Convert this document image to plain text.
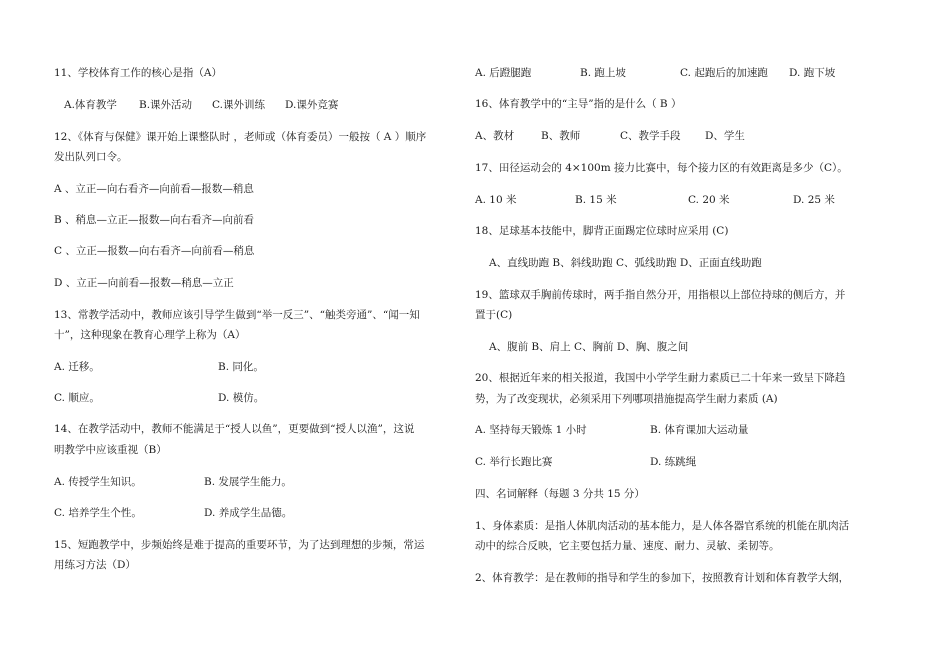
11、学校体育工作的核心是指（A）
A.体育教学 B.课外活动 C.课外训练 D.课外竞赛
12、《体育与保健》课开始上课整队时 ，老师或（体育委员）一般按（ A ）顺序
发出队列口令。
A 、立正—向右看齐—向前看—报数—稍息
B 、稍息—立正—报数—向右看齐—向前看
C 、立正—报数—向右看齐—向前看—稍息
D 、立正—向前看—报数—稍息—立正
13、常教学活动中，教师应该引导学生做到“举一反三”、“触类旁通”、“闻一知
十”，这种现象在教育心理学上称为（A）
A. 迁移。	B. 同化。
C. 顺应。	D. 模仿。
14、在教学活动中，教师不能满足于“授人以鱼”，更要做到“授人以渔”，这说
明教学中应该重视（B）
A. 传授学生知识。	B. 发展学生能力。
C. 培养学生个性。	D. 养成学生品德。
15、短跑教学中，步频始终是难于提高的重要环节，为了达到理想的步频，常运
用练习方法（D）
A. 后蹬腿跑	B. 跑上坡	C. 起跑后的加速跑 D. 跑下坡
16、体育教学中的“主导”指的是什么（ B ）
A、教材	B、教师	C、教学手段 D、学生
17、田径运动会的 4×100m 接力比赛中，每个接力区的有效距离是多少（C）。
A. 10 米	B. 15 米	C. 20 米	D. 25 米
18、足球基本技能中，脚背正面踢定位球时应采用 (C)
A、直线助跑 B、斜线助跑 C、弧线助跑 D、正面直线助跑
19、篮球双手胸前传球时，两手指自然分开，用指根以上部位持球的侧后方，并
置于(C)
A、腹前 B、肩上 C、胸前 D、胸、腹之间
20、根据近年来的相关报道，我国中小学学生耐力素质已二十年来一致呈下降趋
势，为了改变现状，必须采用下列哪项措施提高学生耐力素质 (A)
A. 坚持每天锻炼 1 小时	B. 体育课加大运动量
C. 举行长跑比赛	D. 练跳绳
四、名词解释（每题 3 分共 15 分）
1、身体素质：是指人体肌肉活动的基本能力，是人体各器官系统的机能在肌肉活
动中的综合反映，它主要包括力量、速度、耐力、灵敏、柔韧等。
2、体育教学：是在教师的指导和学生的参加下，按照教育计划和体育教学大纲，
